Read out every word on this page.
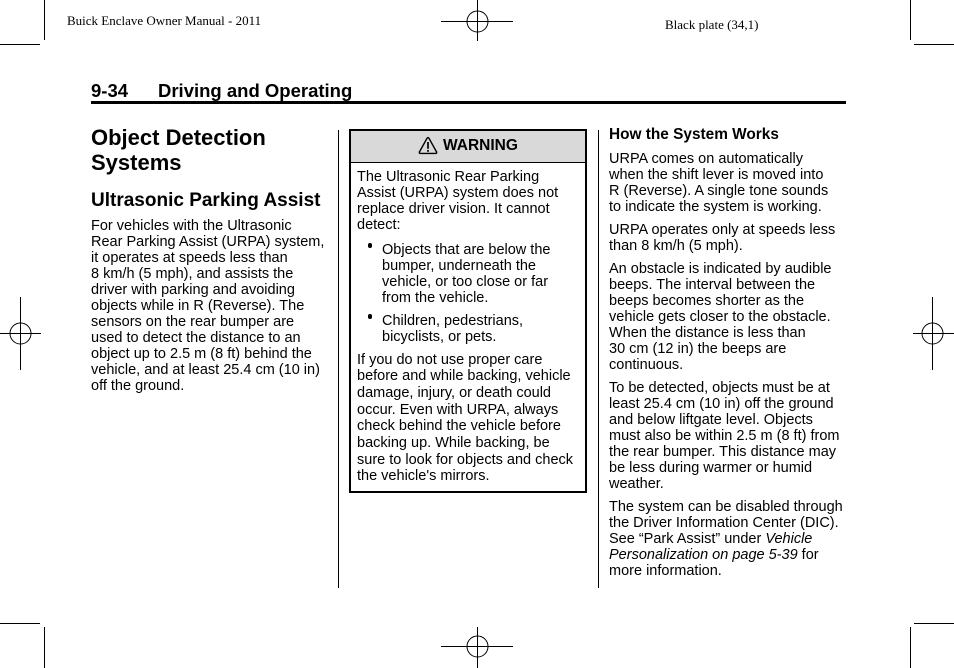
Buick Enclave Owner Manual - 2011	Black plate (34,1)
9-34 Driving and Operating
Object Detection
Systems
Ultrasonic Parking Assist
For vehicles with the Ultrasonic
Rear Parking Assist (URPA) system,
it operates at speeds less than
8 km/h (5 mph), and assists the
driver with parking and avoiding
objects while in R (Reverse). The
sensors on the rear bumper are
used to detect the distance to an
object up to 2.5 m (8 ft) behind the
vehicle, and at least 25.4 cm (10 in)
off the ground.
WARNING
The Ultrasonic Rear Parking
Assist (URPA) system does not
replace driver vision. It cannot
detect:
Objects that are below the
bumper, underneath the
vehicle, or too close or far
from the vehicle.
Children, pedestrians,
bicyclists, or pets.
If you do not use proper care
before and while backing, vehicle
damage, injury, or death could
occur. Even with URPA, always
check behind the vehicle before
backing up. While backing, be
sure to look for objects and check
the vehicle's mirrors.
How the System Works
URPA comes on automatically
when the shift lever is moved into
R (Reverse). A single tone sounds
to indicate the system is working.
URPA operates only at speeds less
than 8 km/h (5 mph).
An obstacle is indicated by audible
beeps. The interval between the
beeps becomes shorter as the
vehicle gets closer to the obstacle.
When the distance is less than
30 cm (12 in) the beeps are
continuous.
To be detected, objects must be at
least 25.4 cm (10 in) off the ground
and below liftgate level. Objects
must also be within 2.5 m (8 ft) from
the rear bumper. This distance may
be less during warmer or humid
weather.
The system can be disabled through
the Driver Information Center (DIC).
See “Park Assist” under Vehicle
Personalization on page 5-39 for
more information.
